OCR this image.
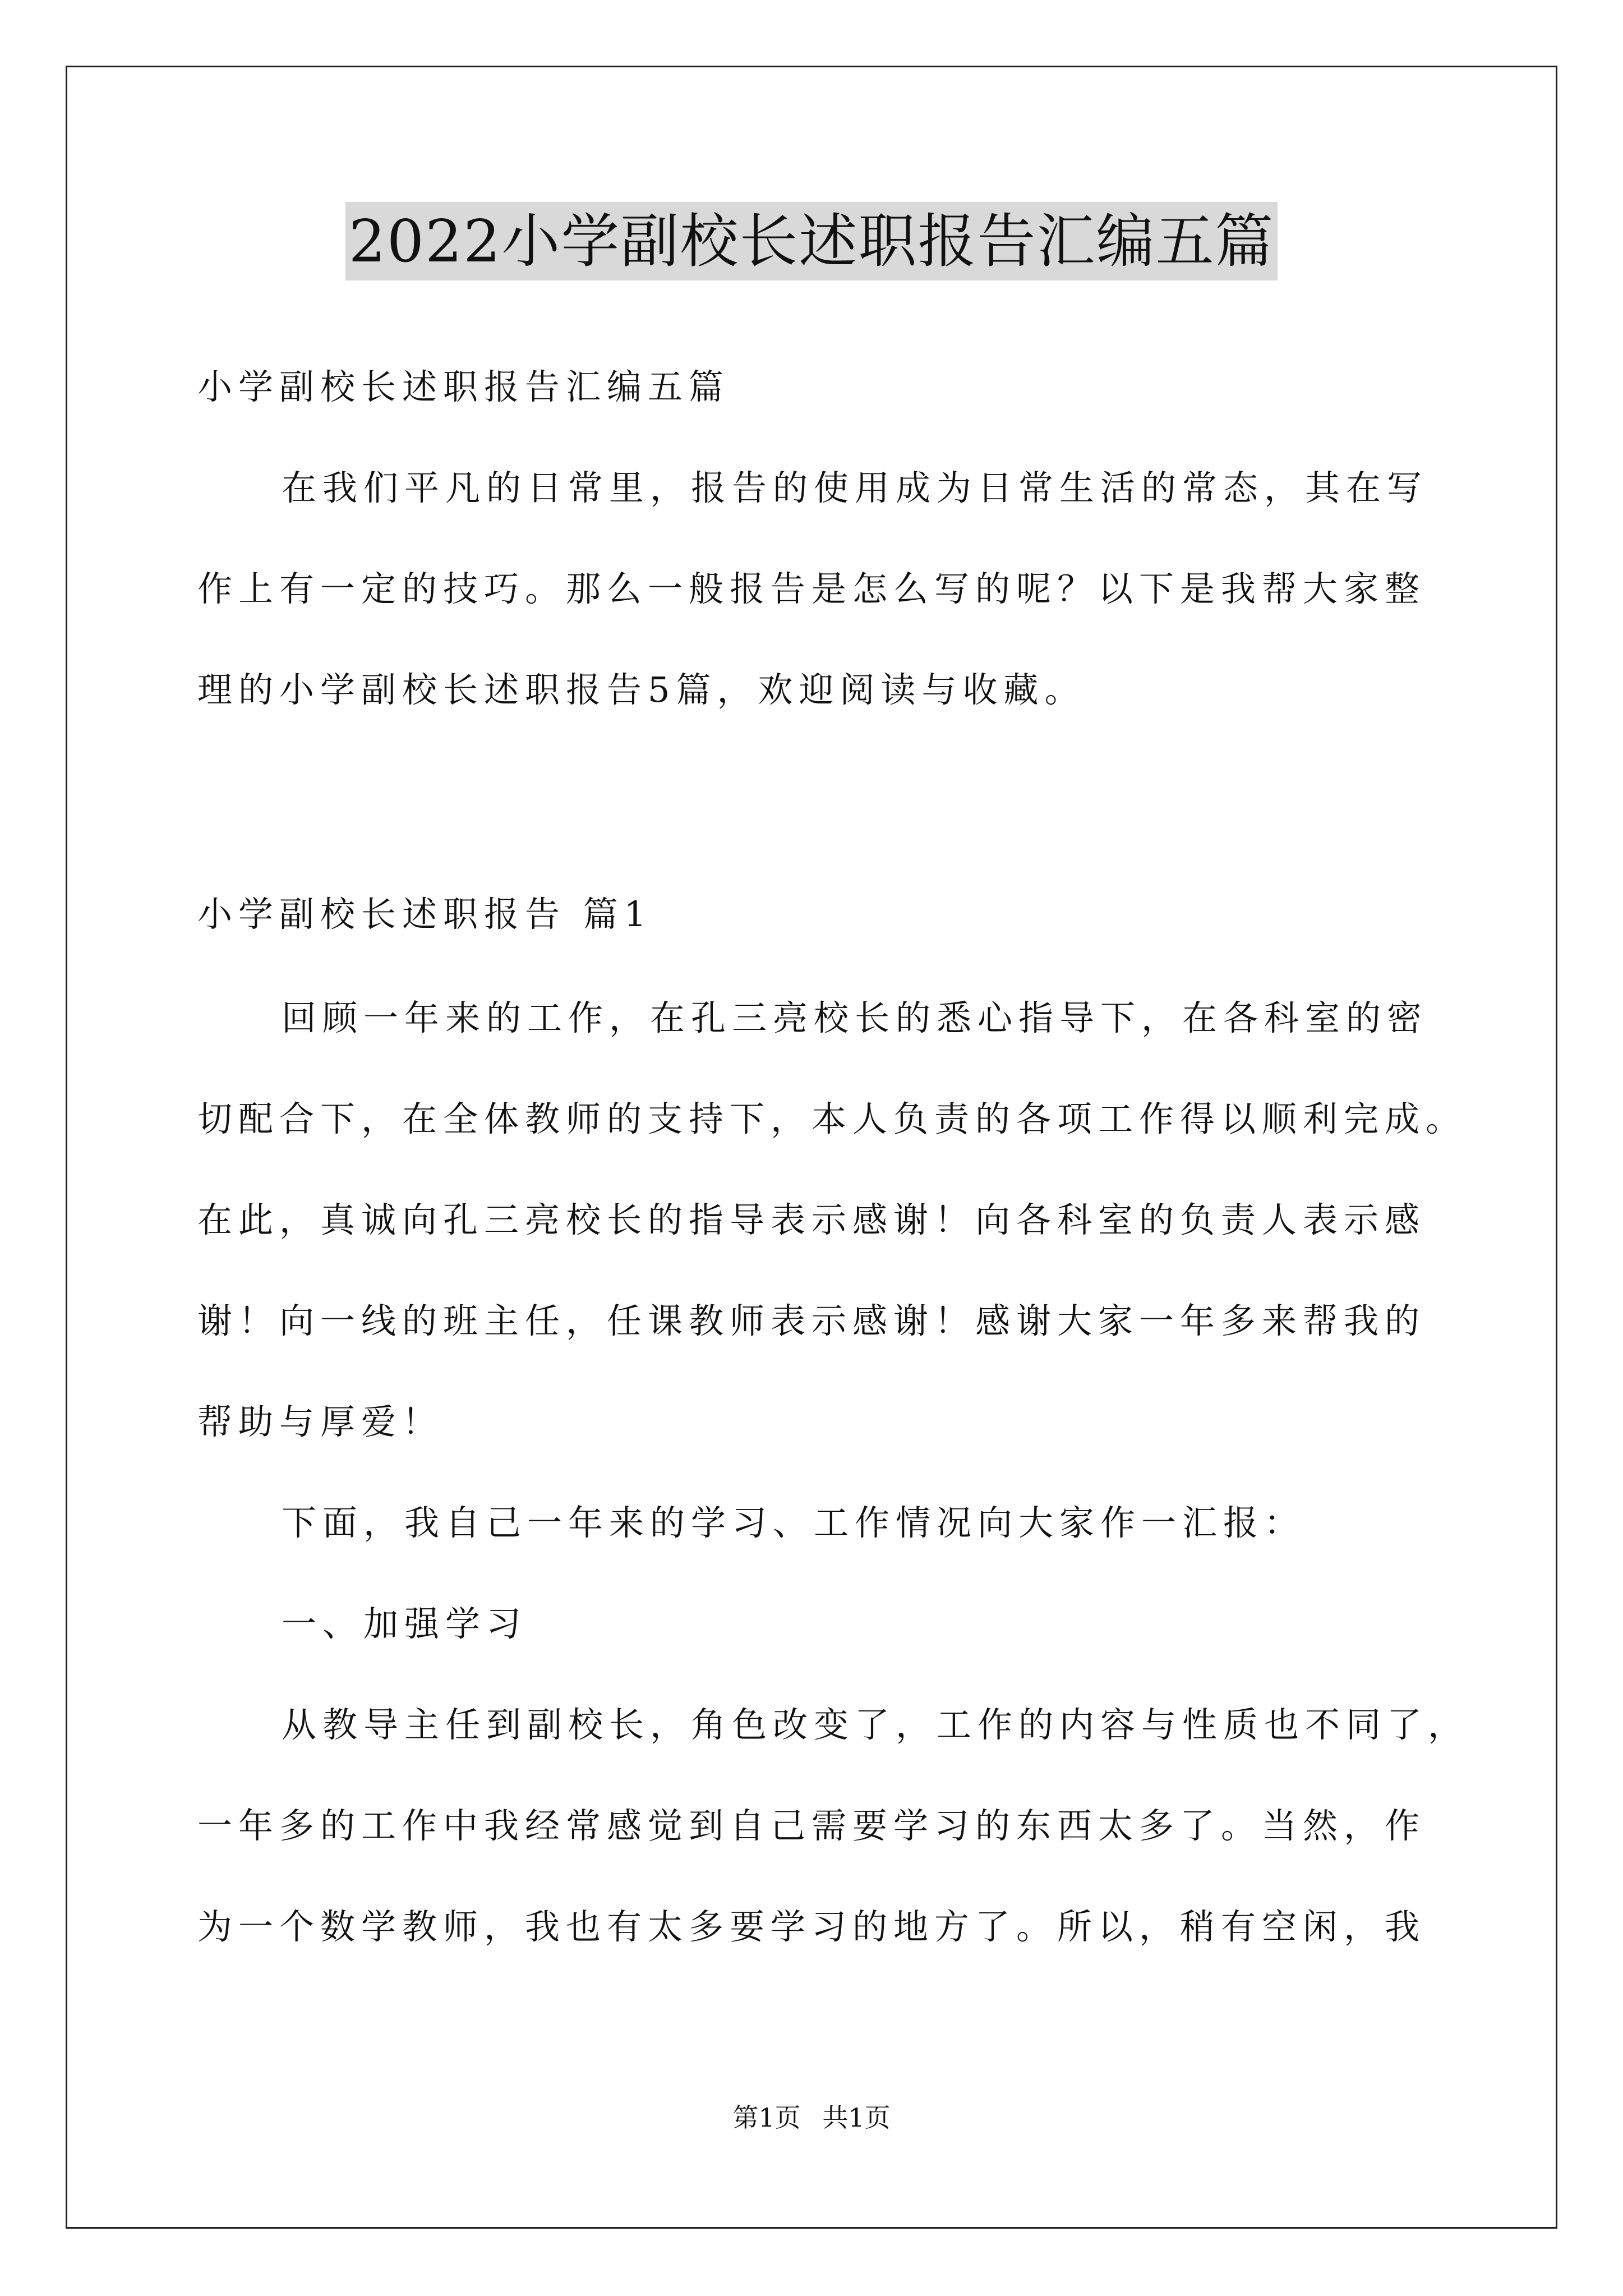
2022小学副校长述职报告汇编五篇
小学副校长述职报告汇编五篇
在我们平凡的日常里，报告的使用成为日常生活的常态，其在写
作上有一定的技巧。那么一般报告是怎么写的呢？以下是我帮大家整
理的小学副校长述职报告5篇，欢迎阅读与收藏。
小学副校长述职报告 篇1
回顾一年来的工作，在孔三亮校长的悉心指导下，在各科室的密
切配合下，在全体教师的支持下，本人负责的各项工作得以顺利完成。
在此，真诚向孔三亮校长的指导表示感谢！向各科室的负责人表示感
谢！向一线的班主任，任课教师表示感谢！感谢大家一年多来帮我的
帮助与厚爱！
下面，我自己一年来的学习、工作情况向大家作一汇报：
一、加强学习
从教导主任到副校长，角色改变了，工作的内容与性质也不同了，
一年多的工作中我经常感觉到自己需要学习的东西太多了。当然，作
为一个数学教师，我也有太多要学习的地方了。所以，稍有空闲，我
第1页 共1页
